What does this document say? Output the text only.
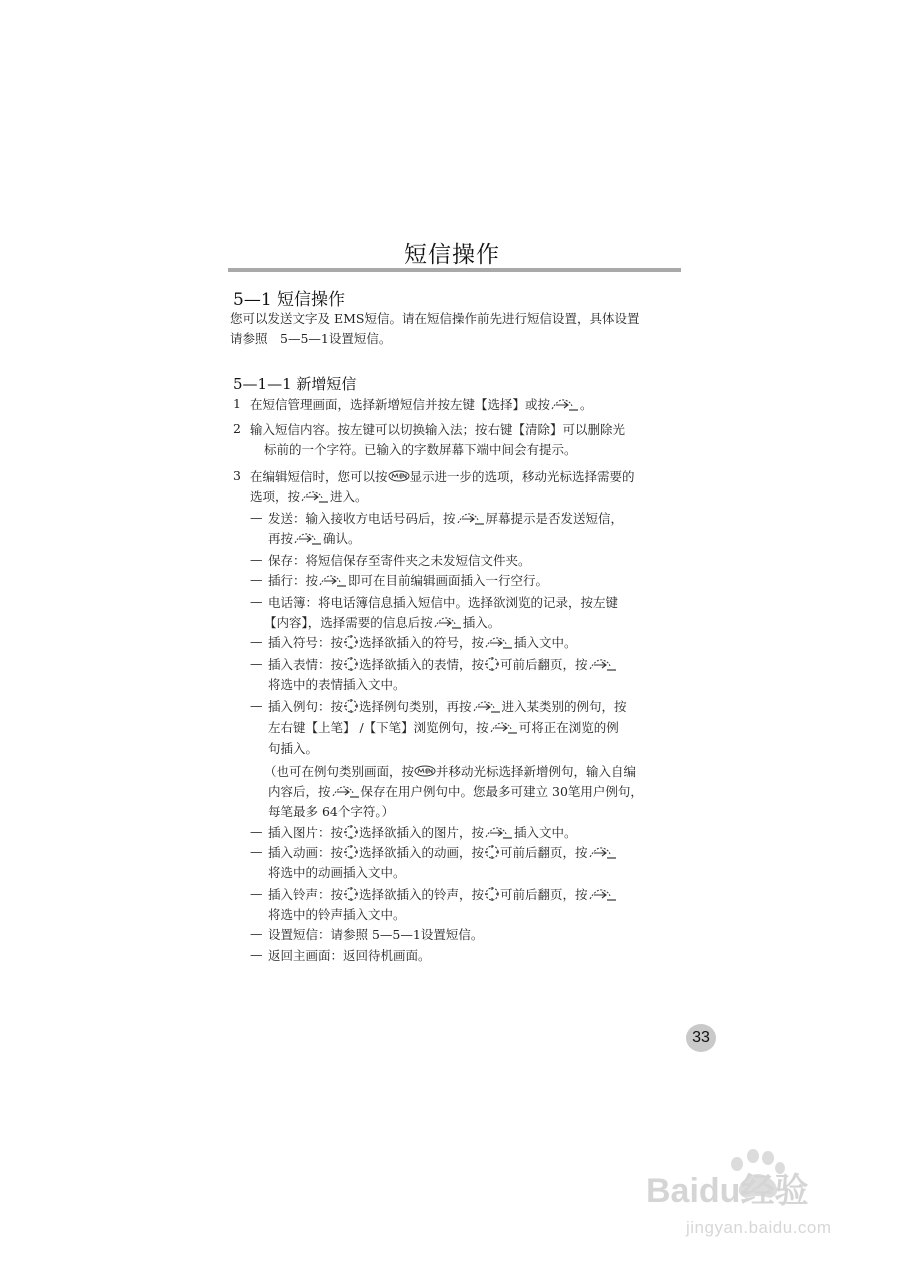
短信操作
5—1 短信操作
您可以发送文字及 EMS短信。请在短信操作前先进行短信设置，具体设置
请参照　5—5—1设置短信。
5—1—1 新增短信
1 在短信管理画面，选择新增短信并按左键【选择】或按 。
2 输入短信内容。按左键可以切换输入法；按右键【清除】可以删除光
标前的一个字符。已输入的字数屏幕下端中间会有提示。
3 在编辑短信时，您可以按 显示进一步的选项，移动光标选择需要的
选项，按 进入。
— 发送：输入接收方电话号码后，按 屏幕提示是否发送短信，
再按 确认。
— 保存：将短信保存至寄件夹之未发短信文件夹。
— 插行：按 即可在目前编辑画面插入一行空行。
— 电话簿：将电话簿信息插入短信中。选择欲浏览的记录，按左键
【内容】，选择需要的信息后按 插入。
— 插入符号：按 选择欲插入的符号，按 插入文中。
— 插入表情：按 选择欲插入的表情，按 可前后翻页，按
将选中的表情插入文中。
— 插入例句：按 选择例句类别，再按 进入某类别的例句，按
左右键【上笔】 /【下笔】浏览例句，按 可将正在浏览的例
句插入。
（也可在例句类别画面，按 并移动光标选择新增例句，输入自编
内容后，按 保存在用户例句中。您最多可建立 30笔用户例句，
每笔最多 64个字符。）
— 插入图片：按 选择欲插入的图片，按 插入文中。
— 插入动画：按 选择欲插入的动画，按 可前后翻页，按
将选中的动画插入文中。
— 插入铃声：按 选择欲插入的铃声，按 可前后翻页，按
将选中的铃声插入文中。
— 设置短信：请参照 5—5—1设置短信。
— 返回主画面：返回待机画面。
33
Baidu经验
jingyan.baidu.com
